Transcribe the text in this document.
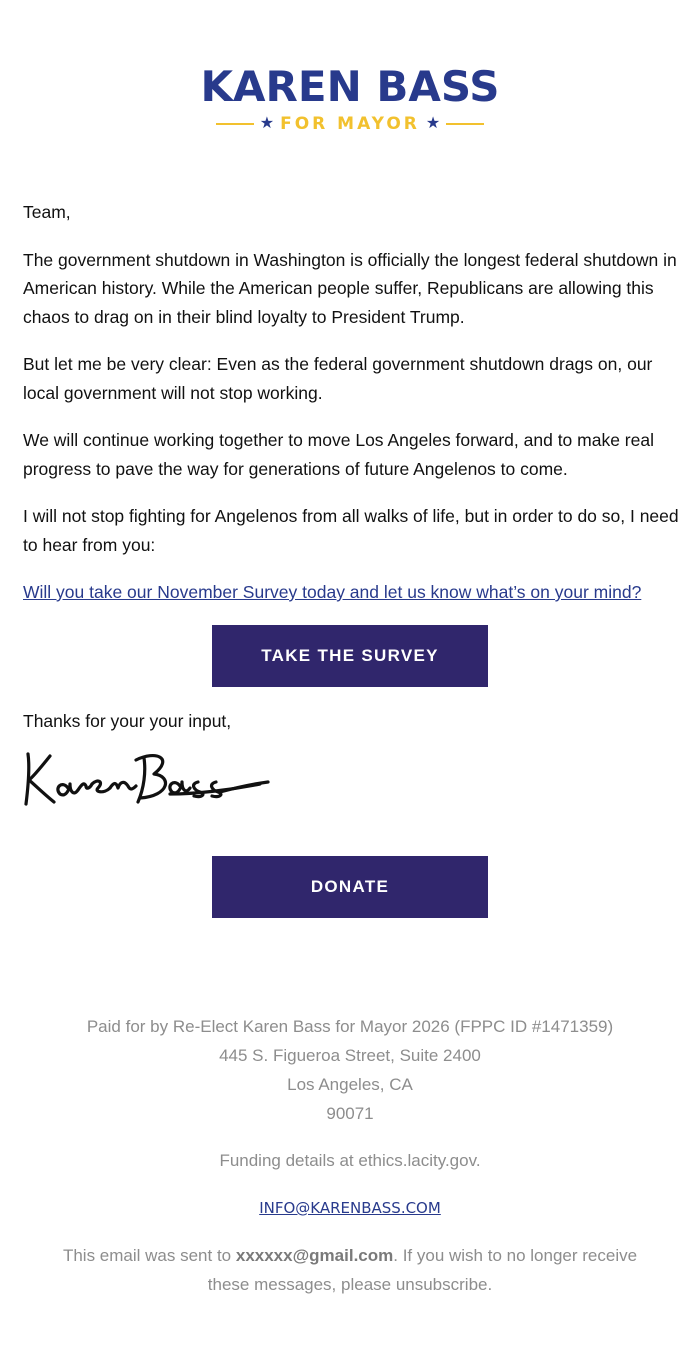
KAREN BASS
★ FOR MAYOR ★

Team,

The government shutdown in Washington is officially the longest federal shutdown in American history. While the American people suffer, Republicans are allowing this chaos to drag on in their blind loyalty to President Trump.

But let me be very clear: Even as the federal government shutdown drags on, our local government will not stop working.

We will continue working together to move Los Angeles forward, and to make real progress to pave the way for generations of future Angelenos to come.

I will not stop fighting for Angelenos from all walks of life, but in order to do so, I need to hear from you:

Will you take our November Survey today and let us know what’s on your mind?

TAKE THE SURVEY
Thanks for your your input,
DONATE
Paid for by Re-Elect Karen Bass for Mayor 2026 (FPPC ID #1471359)
445 S. Figueroa Street, Suite 2400
Los Angeles, CA
90071
Funding details at ethics.lacity.gov.
INFO@KARENBASS.COM
This email was sent to xxxxxx@gmail.com. If you wish to no longer receive these messages, please unsubscribe.
